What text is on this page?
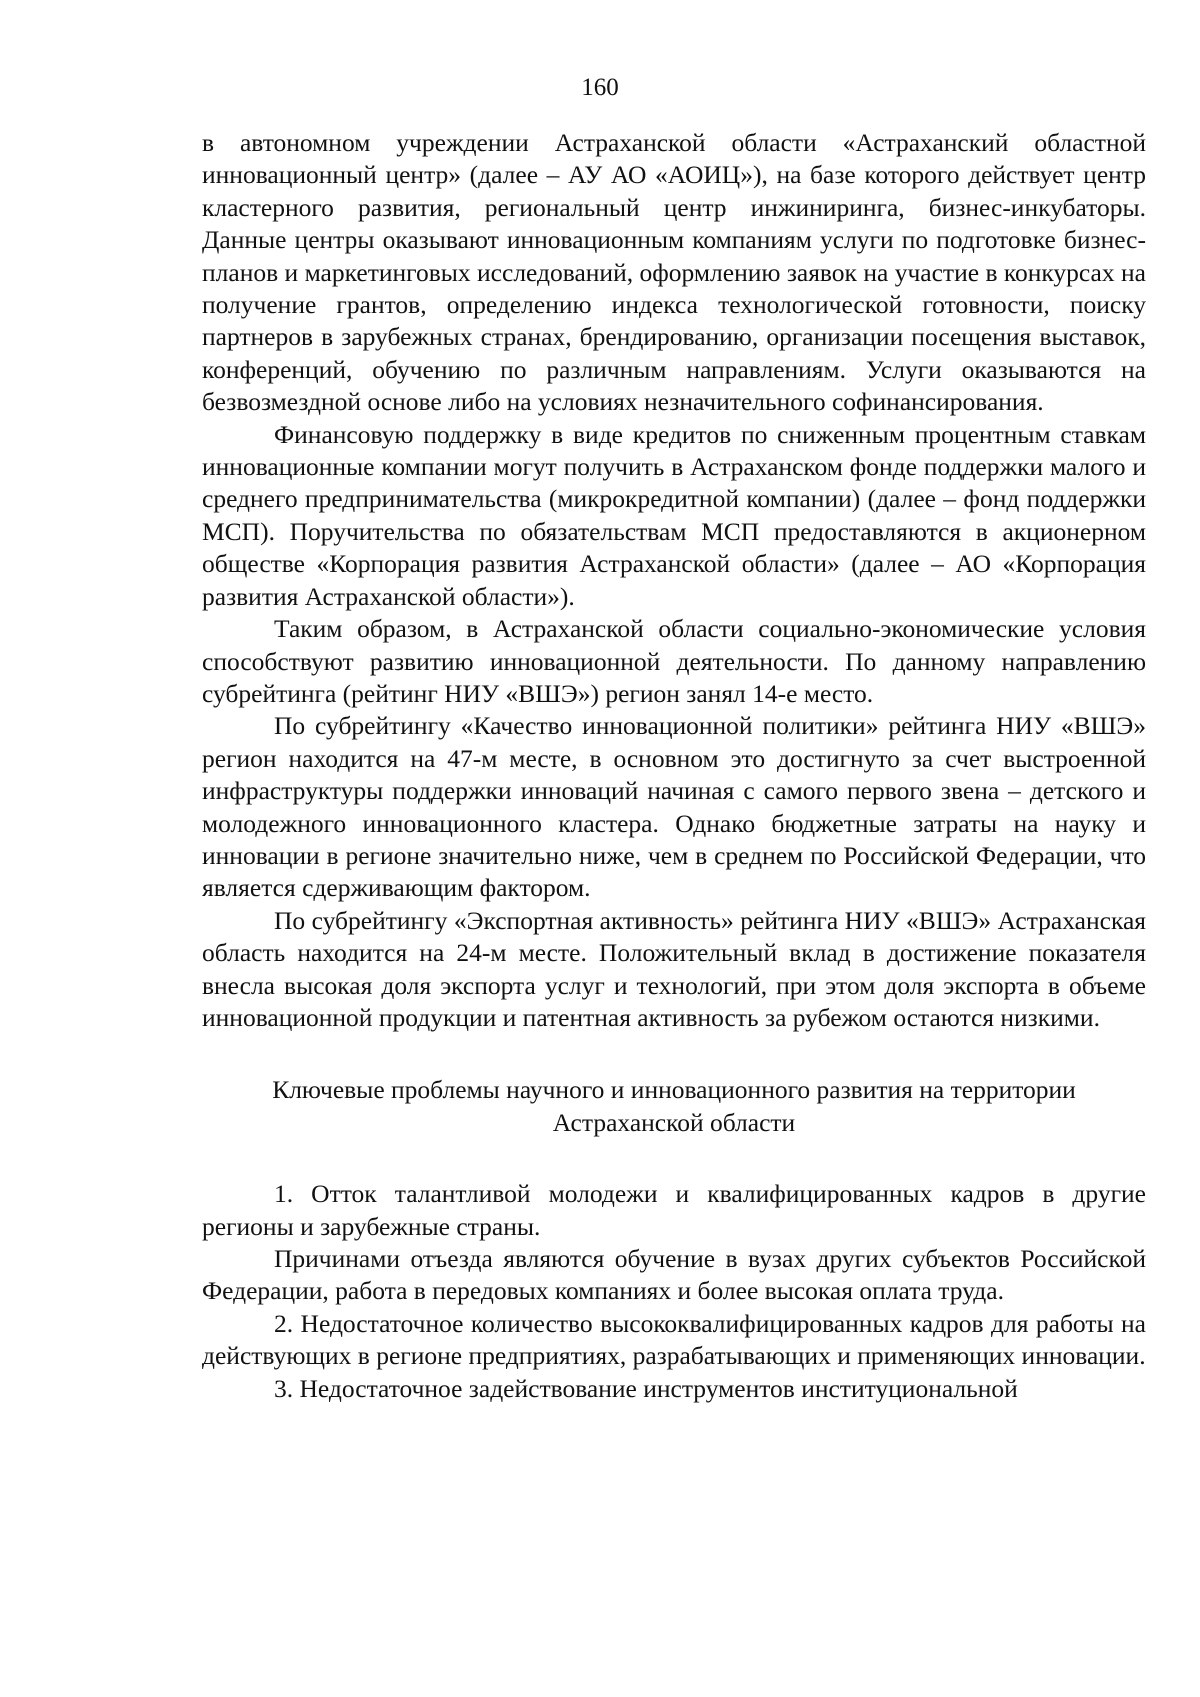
160

в автономном учреждении Астраханской области «Астраханский областной инновационный центр» (далее – АУ АО «АОИЦ»), на базе которого действует центр кластерного развития, региональный центр инжиниринга, бизнес-инкубаторы. Данные центры оказывают инновационным компаниям услуги по подготовке бизнес-планов и маркетинговых исследований, оформлению заявок на участие в конкурсах на получение грантов, определению индекса технологической готовности, поиску партнеров в зарубежных странах, брендированию, организации посещения выставок, конференций, обучению по различным направлениям. Услуги оказываются на безвозмездной основе либо на условиях незначительного софинансирования.

Финансовую поддержку в виде кредитов по сниженным процентным ставкам инновационные компании могут получить в Астраханском фонде поддержки малого и среднего предпринимательства (микрокредитной компании) (далее – фонд поддержки МСП). Поручительства по обязательствам МСП предоставляются в акционерном обществе «Корпорация развития Астраханской области» (далее – АО «Корпорация развития Астраханской области»).

Таким образом, в Астраханской области социально-экономические условия способствуют развитию инновационной деятельности. По данному направлению субрейтинга (рейтинг НИУ «ВШЭ») регион занял 14-е место.

По субрейтингу «Качество инновационной политики» рейтинга НИУ «ВШЭ» регион находится на 47-м месте, в основном это достигнуто за счет выстроенной инфраструктуры поддержки инноваций начиная с самого первого звена – детского и молодежного инновационного кластера. Однако бюджетные затраты на науку и инновации в регионе значительно ниже, чем в среднем по Российской Федерации, что является сдерживающим фактором.

По субрейтингу «Экспортная активность» рейтинга НИУ «ВШЭ» Астраханская область находится на 24-м месте. Положительный вклад в достижение показателя внесла высокая доля экспорта услуг и технологий, при этом доля экспорта в объеме инновационной продукции и патентная активность за рубежом остаются низкими.

Ключевые проблемы научного и инновационного развития на территории
Астраханской области

1. Отток талантливой молодежи и квалифицированных кадров в другие регионы и зарубежные страны.

Причинами отъезда являются обучение в вузах других субъектов Российской Федерации, работа в передовых компаниях и более высокая оплата труда.

2. Недостаточное количество высококвалифицированных кадров для работы на действующих в регионе предприятиях, разрабатывающих и применяющих инновации.

3. Недостаточное задействование инструментов институциональной
